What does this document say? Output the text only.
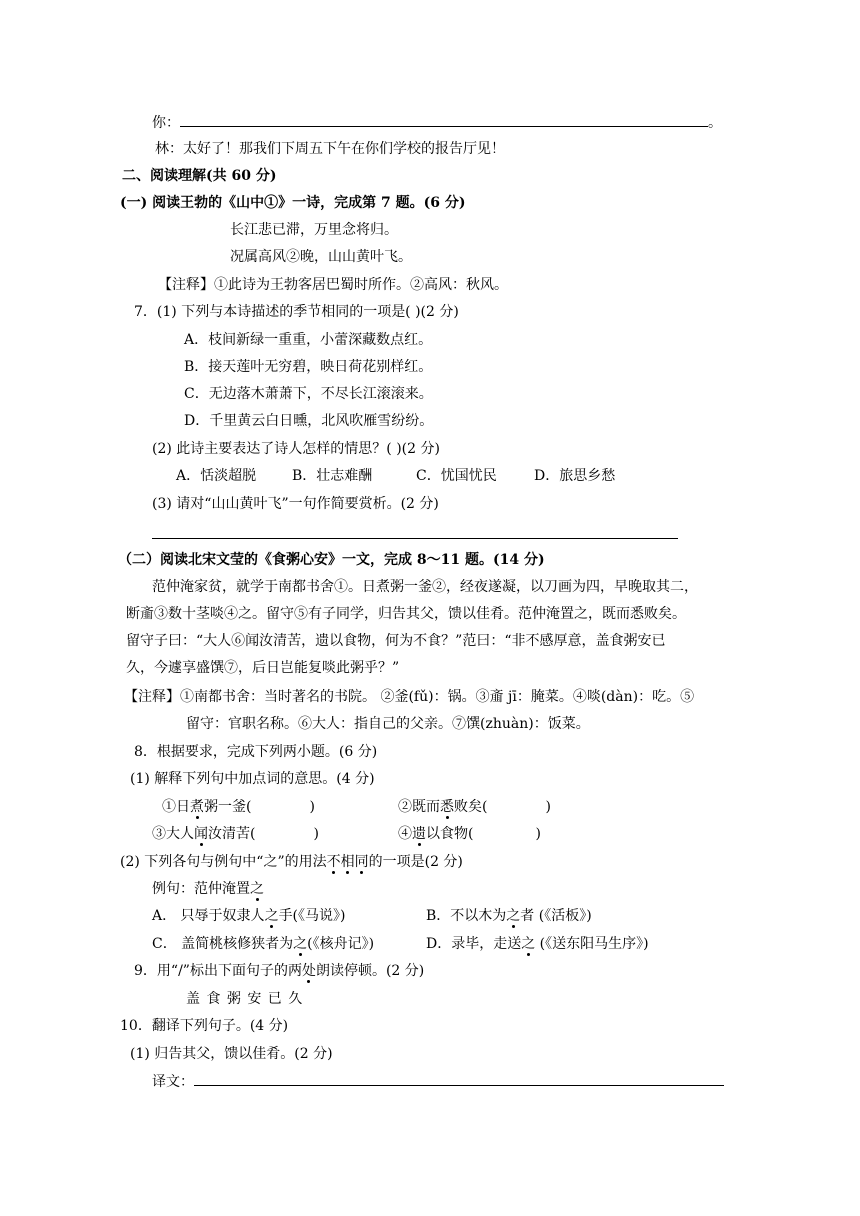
你：	。
林：太好了！那我们下周五下午在你们学校的报告厅见！
二、阅读理解(共 60 分)
(一) 阅读王勃的《山中①》一诗，完成第 7 题。(6 分)
长江悲已滞，万里念将归。
况属高风②晚，山山黄叶飞。
【注释】①此诗为王勃客居巴蜀时所作。②高风：秋风。
7．(1) 下列与本诗描述的季节相同的一项是( )(2 分)
A．枝间新绿一重重，小蕾深藏数点红。
B．接天莲叶无穷碧，映日荷花别样红。
C．无边落木萧萧下，不尽长江滚滚来。
D．千里黄云白日曛，北风吹雁雪纷纷。
(2) 此诗主要表达了诗人怎样的情思？( )(2 分)
A．恬淡超脱	B．壮志难酬	C．忧国忧民	D．旅思乡愁
(3) 请对“山山黄叶飞”一句作简要赏析。(2 分)
（二）阅读北宋文莹的《食粥心安》一文，完成 8～11 题。(14 分)
范仲淹家贫，就学于南都书舍①。日煮粥一釜②，经夜遂凝，以刀画为四，早晚取其二，
断齑③数十茎啖④之。留守⑤有子同学，归告其父，馈以佳肴。范仲淹置之，既而悉败矣。
留守子曰：“大人⑥闻汝清苦，遗以食物，何为不食？”范曰：“非不感厚意，盖食粥安已
久，今遽享盛馔⑦，后日岂能复啖此粥乎？”
【注释】①南都书舍：当时著名的书院。 ②釜(fǔ)：锅。③齑 jī：腌菜。④啖(dàn)：吃。⑤
留守：官职名称。⑥大人：指自己的父亲。⑦馔(zhuàn)：饭菜。
8．根据要求，完成下列两小题。(6 分)
(1) 解释下列句中加点词的意思。(4 分)
①日煮粥一釜(	)	②既而悉败矣(	)
③大人闻汝清苦(	)	④遗以食物(	)
(2) 下列各句与例句中“之”的用法不相同的一项是(2 分)
例句：范仲淹置之
A． 只辱于奴隶人之手(《马说》)	B．不以木为之者 (《活板》)
C． 盖简桃核修狭者为之(《核舟记》)	D．录毕，走送之 (《送东阳马生序》)
9．用“/”标出下面句子的两处朗读停顿。(2 分)
盖 食 粥 安 已 久
10．翻译下列句子。(4 分)
(1) 归告其父，馈以佳肴。(2 分)
译文：
